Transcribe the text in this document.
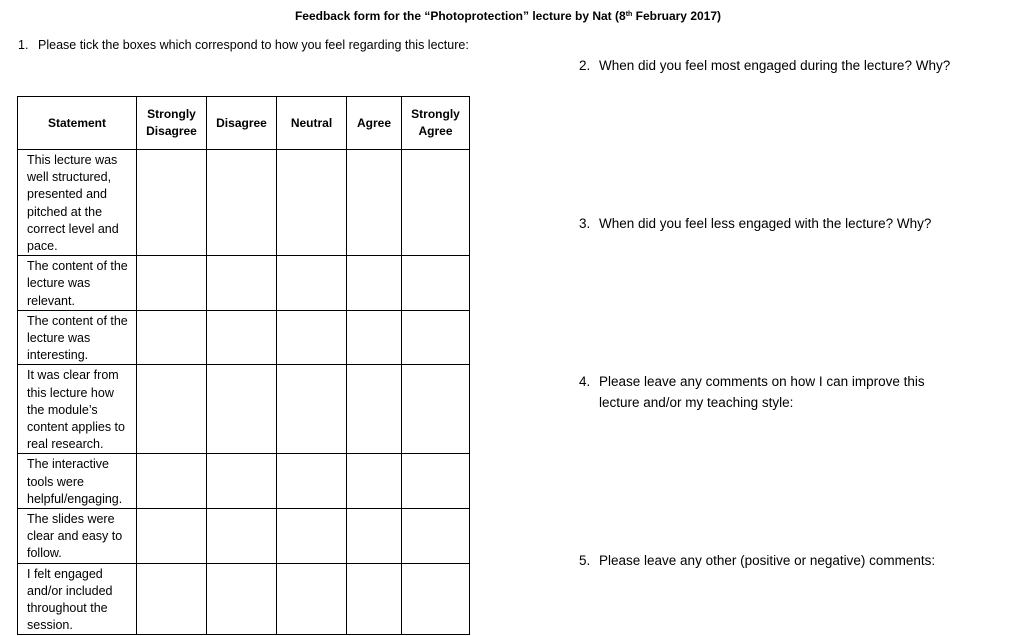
Feedback form for the “Photoprotection” lecture by Nat (8th February 2017)
1. Please tick the boxes which correspond to how you feel regarding this lecture:
Statement	Strongly Disagree	Disagree	Neutral	Agree	Strongly Agree
This lecture was well structured, presented and pitched at the correct level and pace.					
The content of the lecture was relevant.					
The content of the lecture was interesting.					
It was clear from this lecture how the module’s content applies to real research.					
The interactive tools were helpful/engaging.					
The slides were clear and easy to follow.					
I felt engaged and/or included throughout the session.					
2. When did you feel most engaged during the lecture? Why?
3. When did you feel less engaged with the lecture? Why?
4. Please leave any comments on how I can improve this
lecture and/or my teaching style:
5. Please leave any other (positive or negative) comments:
